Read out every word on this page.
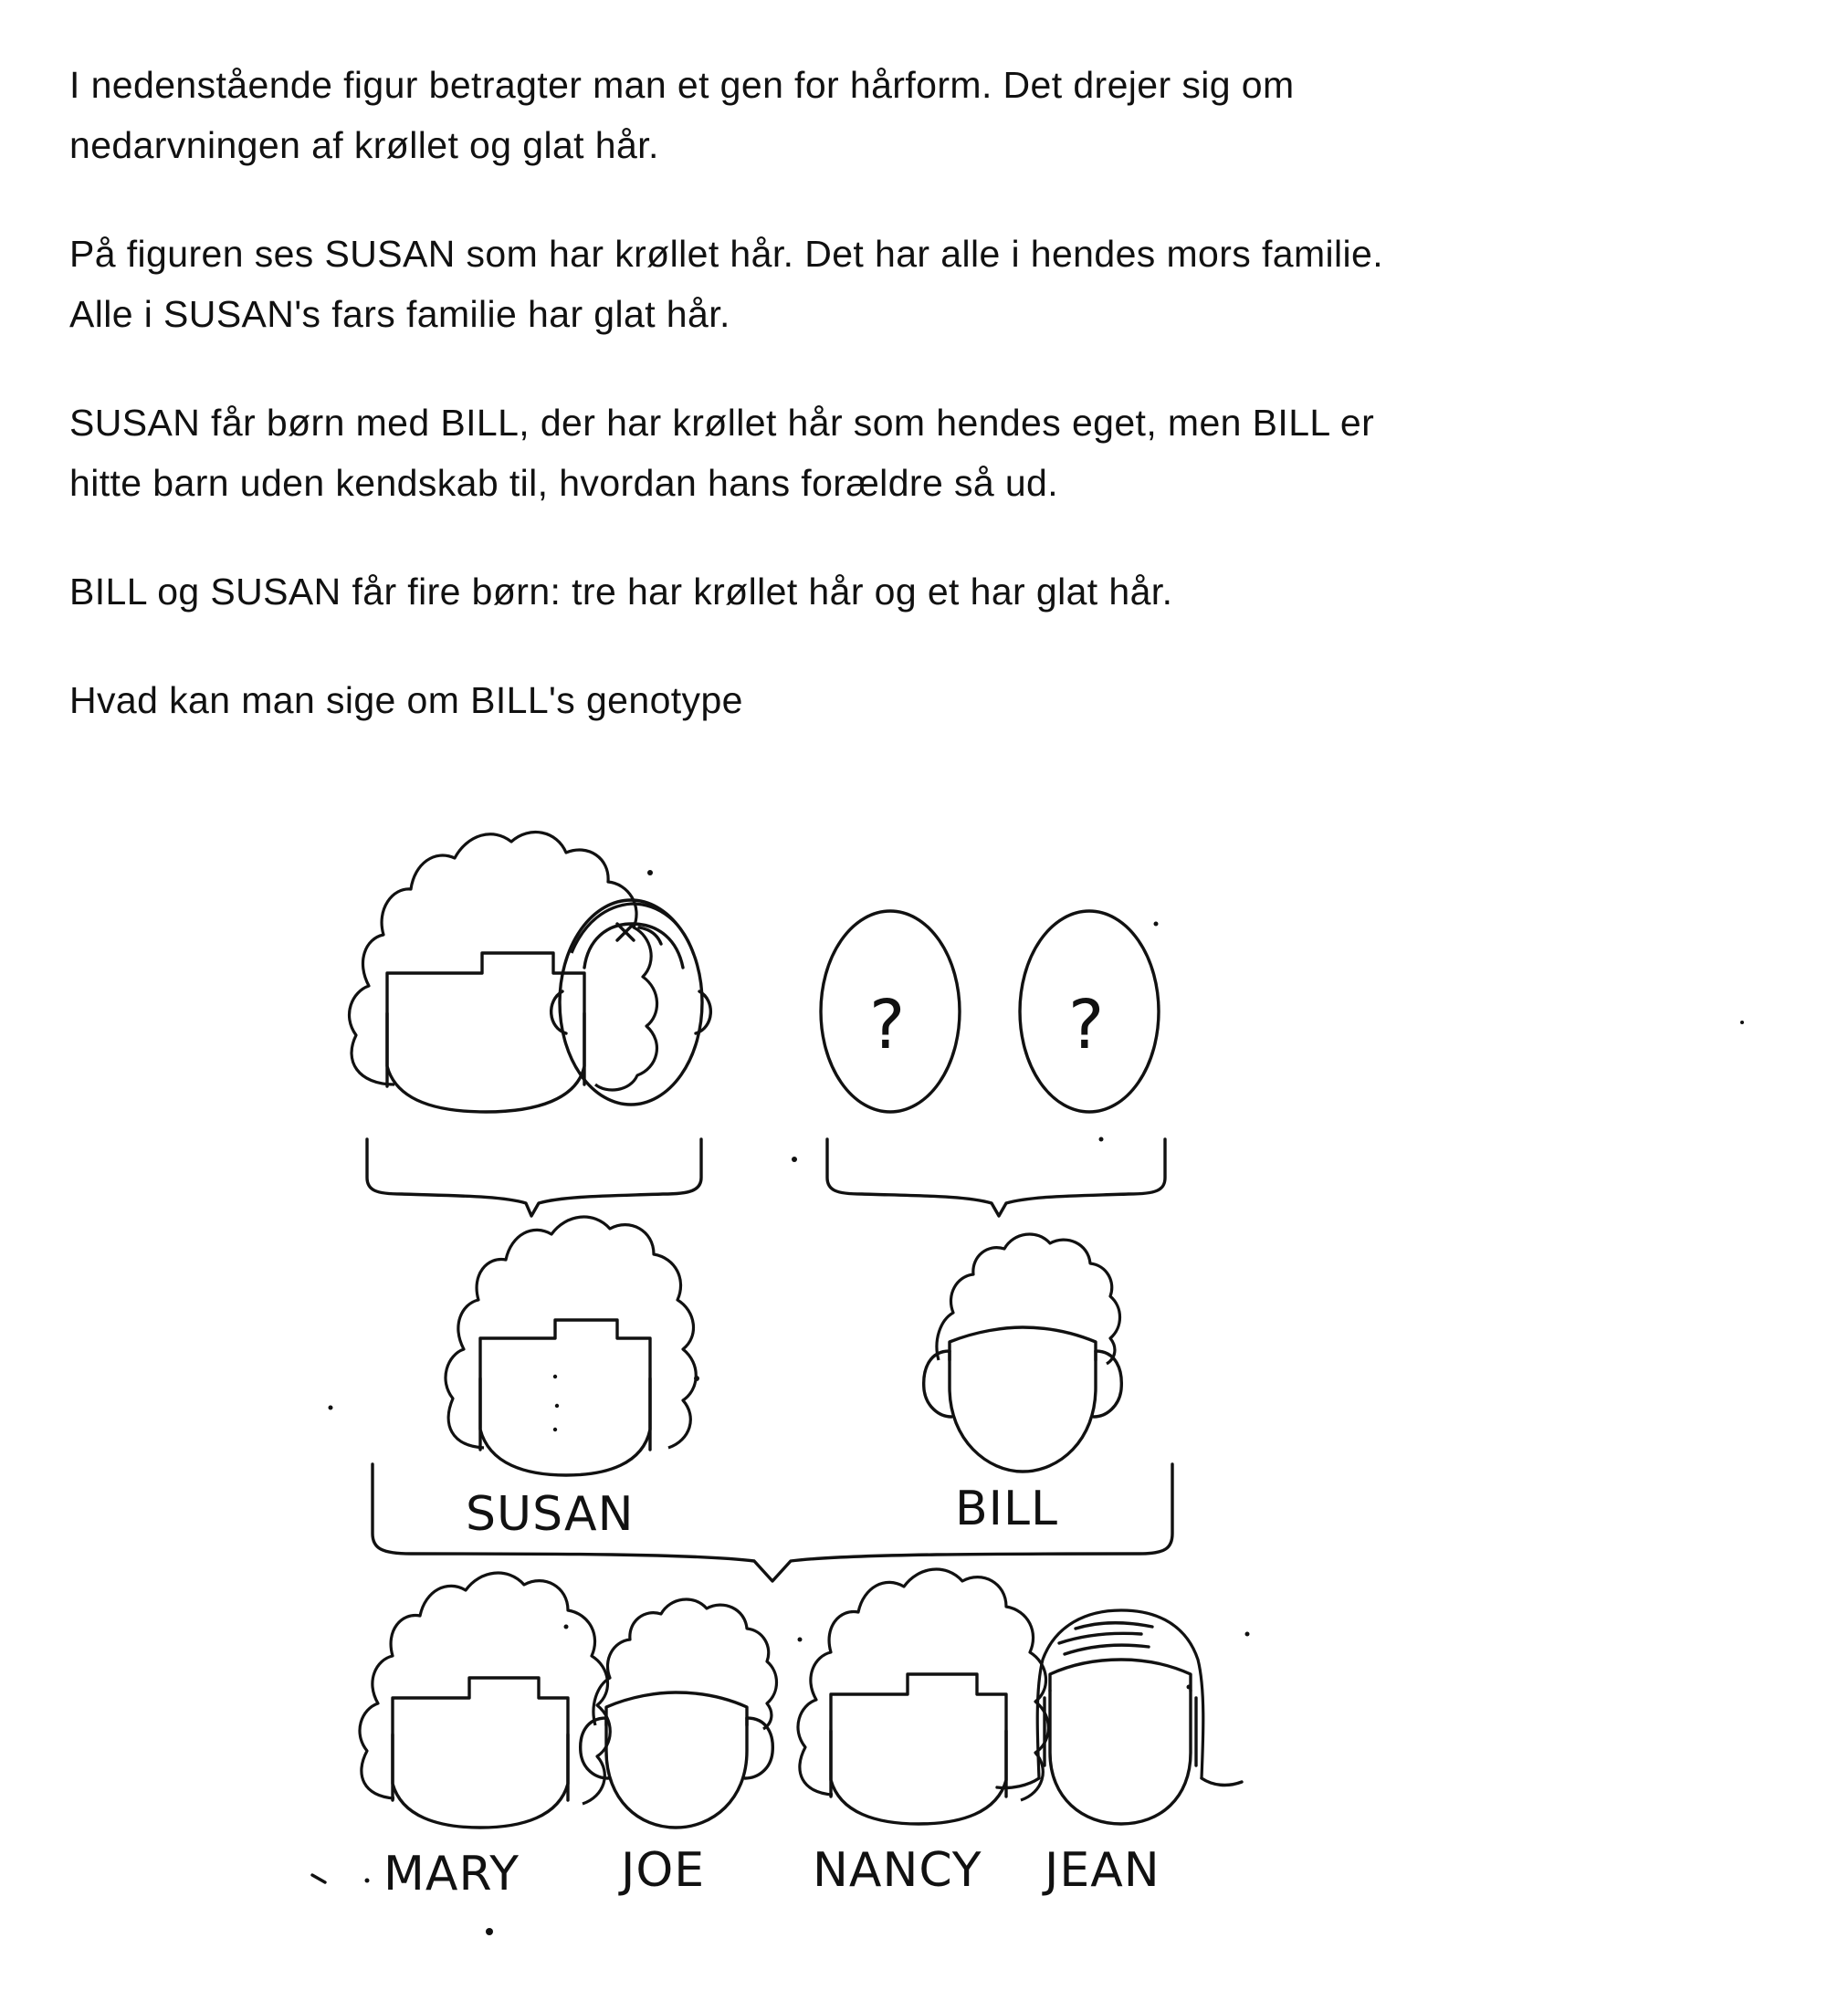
I nedenstående figur betragter man et gen for hårform. Det drejer sig om
nedarvningen af krøllet og glat hår.

På figuren ses SUSAN som har krøllet hår. Det har alle i hendes mors familie.
Alle i SUSAN's fars familie har glat hår.

SUSAN får børn med BILL, der har krøllet hår som hendes eget, men BILL er
hitte barn uden kendskab til, hvordan hans forældre så ud.

BILL og SUSAN får fire børn: tre har krøllet hår og et har glat hår.

Hvad kan man sige om BILL's genotype

? ?
SUSAN	BILL
MARY JOE NANCY JEAN
